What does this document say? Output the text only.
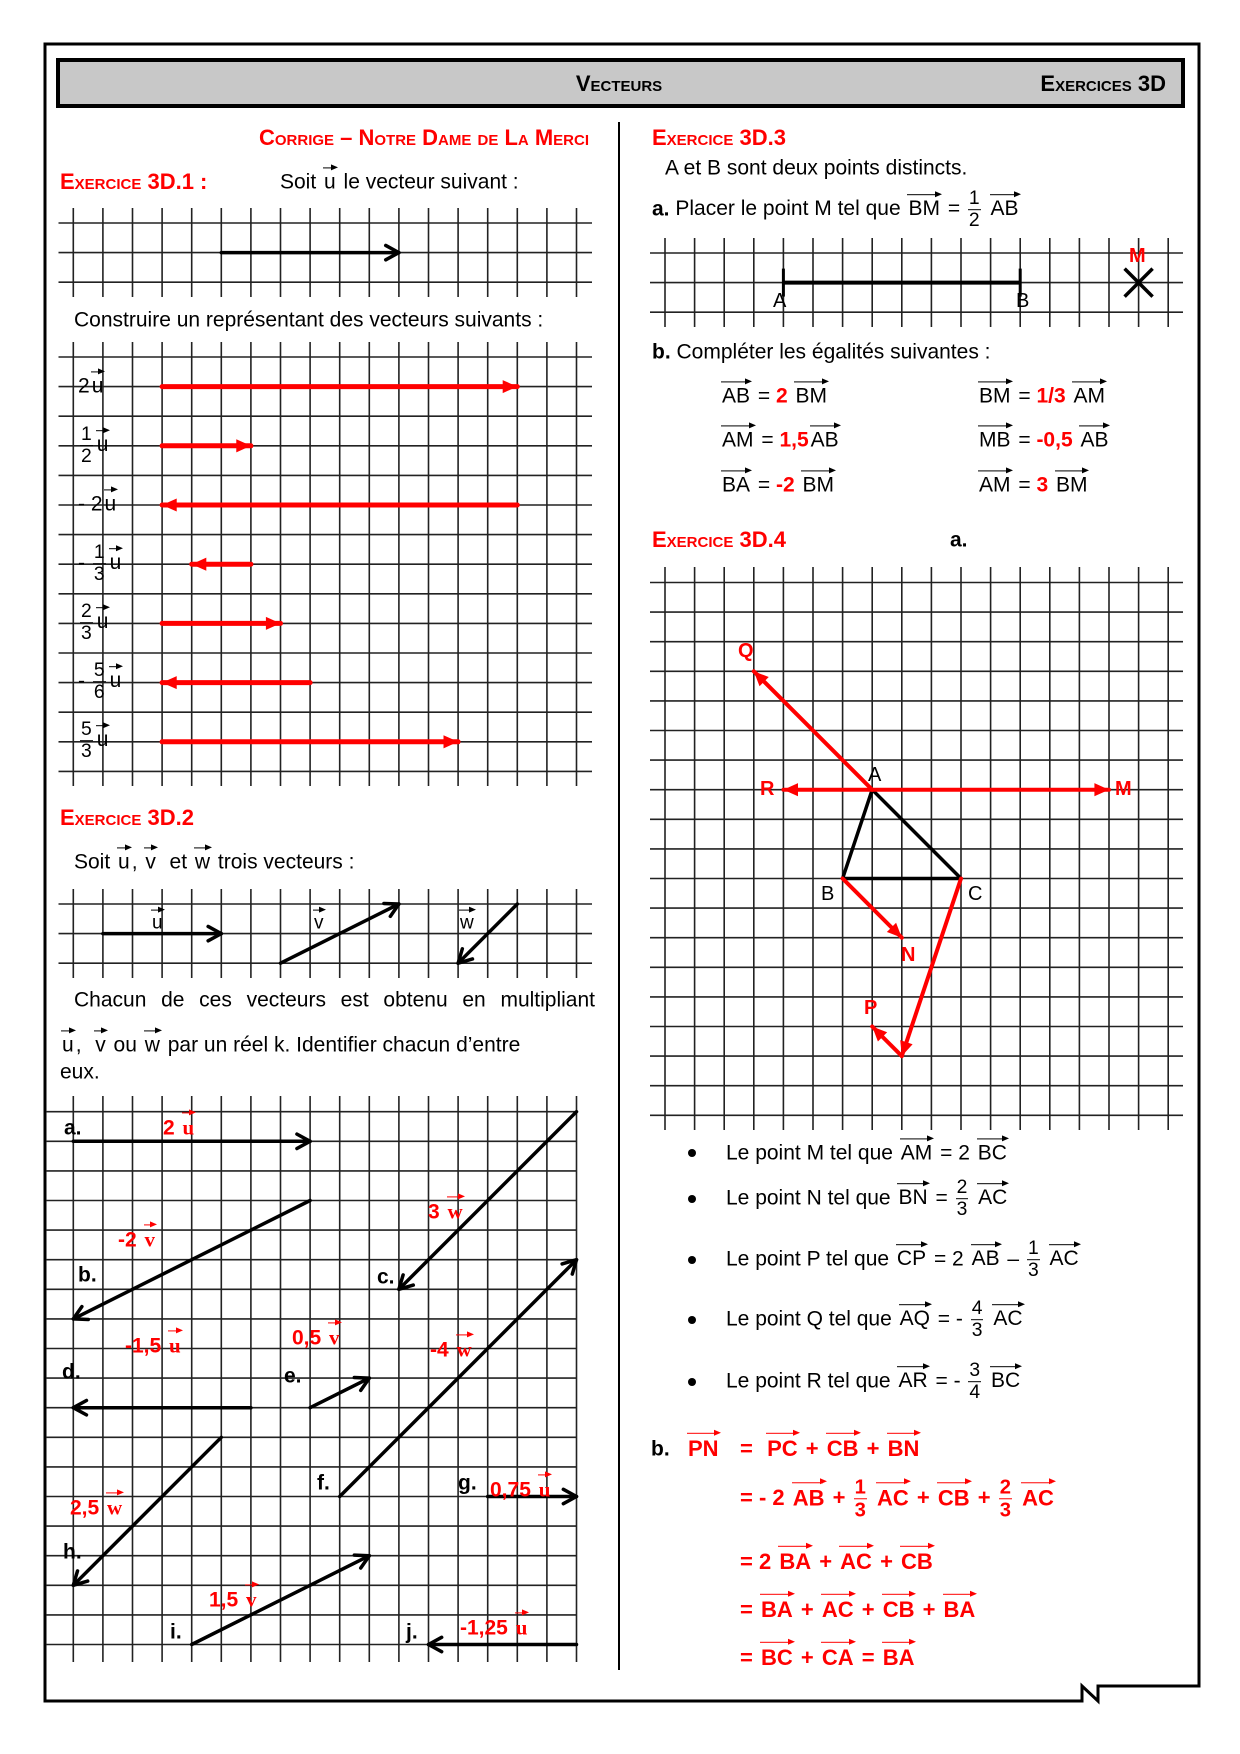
Vecteurs	Exercices 3D
Corrige – Notre Dame de La Merci
Exercice 3D.1 :	Soit u le vecteur suivant :
Construire un représentant des vecteurs suivants :
Exercice 3D.2
Soit u, v  et w trois vecteurs :
u	v	w
Chacun de ces vecteurs est obtenu en multipliant
u,  v ou w par un réel k. Identifier chacun d’entre
eux.
Exercice 3D.3
A et B sont deux points distincts.
a. Placer le point M tel que BM = $\frac{1}{2}$ AB
A	B
M
b. Compléter les égalités suivantes :
Exercice 3D.4	a.
A
B	C
Q
R	M
N
P
b. PN
2u
$\frac{1}{2}$ u
- 2u
- $\frac{1}{3}$ u
$\frac{2}{3}$ u
- $\frac{5}{6}$ u
$\frac{5}{3}$ u
a.	2 u
b.
-2 v
c.
3 w
d.
-1,5 u
e.
0,5 v
f.
-4 w
g. 0,75 u
h.
2,5 w
i.
1,5 v
j. -1,25 u
AB = 2 BM	BM = 1/3 AM
AM = 1,5AB	MB = -0,5 AB
BA = -2 BM	AM = 3 BM
Le point M tel que AM = 2 BC
Le point N tel que BN = $\frac{2}{3}$ AC
Le point P tel que CP = 2 AB – $\frac{1}{3}$ AC
Le point Q tel que AQ = - $\frac{4}{3}$ AC
Le point R tel que AR = - $\frac{3}{4}$ BC
=  PC + CB + BN
= - 2 AB + $\frac{1}{3}$ AC + CB + $\frac{2}{3}$ AC
= 2 BA + AC + CB
= BA + AC + CB + BA
= BC + CA = BA
